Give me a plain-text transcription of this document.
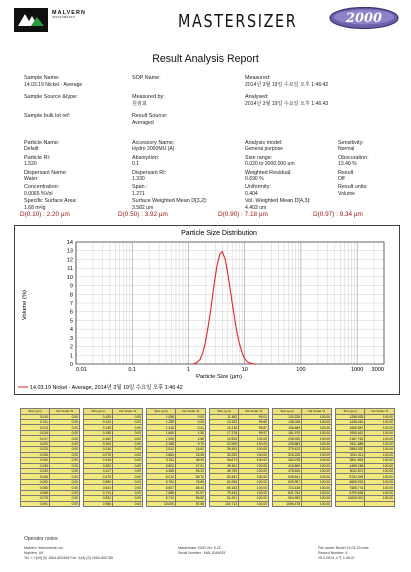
MALVERN
INSTRUMENTS	MASTERSIZER	2000
Result Analysis Report
Sample Name:
14.03.19 Nickel - Average
SOP Name:	Measured:
2014년 3월 19일 수요일 오후 1:46:42
Sample Source &type:	Measured by:
원광최
Analysed:
2014년 3월 19일 수요일 오후 1:46:43
Sample bulk lot ref:	Result Source:
Averaged
Particle Name:
Defailt
Accessory Name:
Hydro 2000MU (A)
Analysis model:
General purpose
Sensitivity:
Normal
Particle RI:
1.520
Absorption:
0.1
Size range:
0.020 to 2000.000 um
Obscuration:
13.40 %
Dispersant Name:
Water
Dispersant RI:
1.330
Weighted Residual:
0.690 %
Result
Off
Concentration:
0.0065 %Vol
Span :
1.271
Uniformity:
0.404
Result units:
Volume
Specific Surface Area:
1.68 m²/g
Surface Weighted Mean D[3,2]:
3.582 um
Vol. Weighted Mean D[4,3]:
4.403 um
D(0.10) : 2.20 µm	D(0.50) : 3.92 µm	D(0.90) : 7.18 µm	D(0.97) : 9.34 µm
Particle Size Distribution
0
1
2
3
4
5
6
7
8
9
10
11
12
13
14
0.01	0.1	1	10	100	1000 3000
Particle Size (µm)
Volume (%)
14.03.19 Nickel - Average, 2014년 3월 19일 수요일 오후 1:46:42
Size (µm)	Vol Under %
0.010	0.00
0.011	0.00
0.013	0.00
0.015	0.00
0.017	0.00
0.020	0.00
0.023	0.00
0.026	0.00
0.030	0.00
0.035	0.00
0.040	0.00
0.046	0.00
0.052	0.00
0.060	0.00
0.069	0.00
0.079	0.00
0.091	0.00
Size (µm)	Vol Under %
0.105	0.00
0.120	0.00
0.138	0.00
0.158	0.00
0.182	0.00
0.209	0.00
0.240	0.00
0.275	0.00
0.316	0.00
0.363	0.00
0.417	0.00
0.479	0.00
0.550	0.00
0.631	0.00
0.724	0.00
0.832	0.00
0.955	0.00
Size (µm)	Vol Under %
1.096	0.00
1.259	0.03
1.445	0.41
1.660	1.55
1.905	4.88
2.188	9.70
2.512	16.62
2.884	26.08
3.311	36.09
3.802	47.91
4.365	59.31
5.012	69.70
5.754	78.69
6.607	85.44
7.586	91.57
8.710	95.82
10.000	97.86
Size (µm)	Vol Under %
11.482	99.01
13.183	99.60
15.136	99.87
17.378	99.97
19.953	100.00
22.909	100.00
26.303	100.00
30.200	100.00
34.674	100.00
39.811	100.00
45.709	100.00
52.481	100.00
60.256	100.00
69.183	100.00
79.433	100.00
91.201	100.00
104.713	100.00
Size (µm)	Vol Under %
120.226	100.00
138.038	100.00
158.489	100.00
181.970	100.00
208.930	100.00
239.883	100.00
275.423	100.00
316.228	100.00
363.078	100.00
416.869	100.00
478.630	100.00
549.541	100.00
630.957	100.00
724.436	100.00
831.764	100.00
954.993	100.00
1096.478	100.00
Size (µm)	Vol Under %
1258.925	100.00
1445.440	100.00
1659.587	100.00
1905.461	100.00
2187.762	100.00
2511.886	100.00
2884.032	100.00
3311.311	100.00
3801.894	100.00
4365.158	100.00
5011.872	100.00
5754.399	100.00
6606.934	100.00
7585.776	100.00
8709.636	100.00
10000.000	100.00

Operator notes:
Malvern Instruments Ltd.
Malvern, UK
Tel := +[44] (0) 1684-892456 Fax +[44] (0) 1684-892789
Mastersizer 2000 Ver. 5.22
Serial Number : MAL1049025
File name: Nickel 14.03.19.mea
Record Number: 4
19.3.2014 오후 1:48:47
